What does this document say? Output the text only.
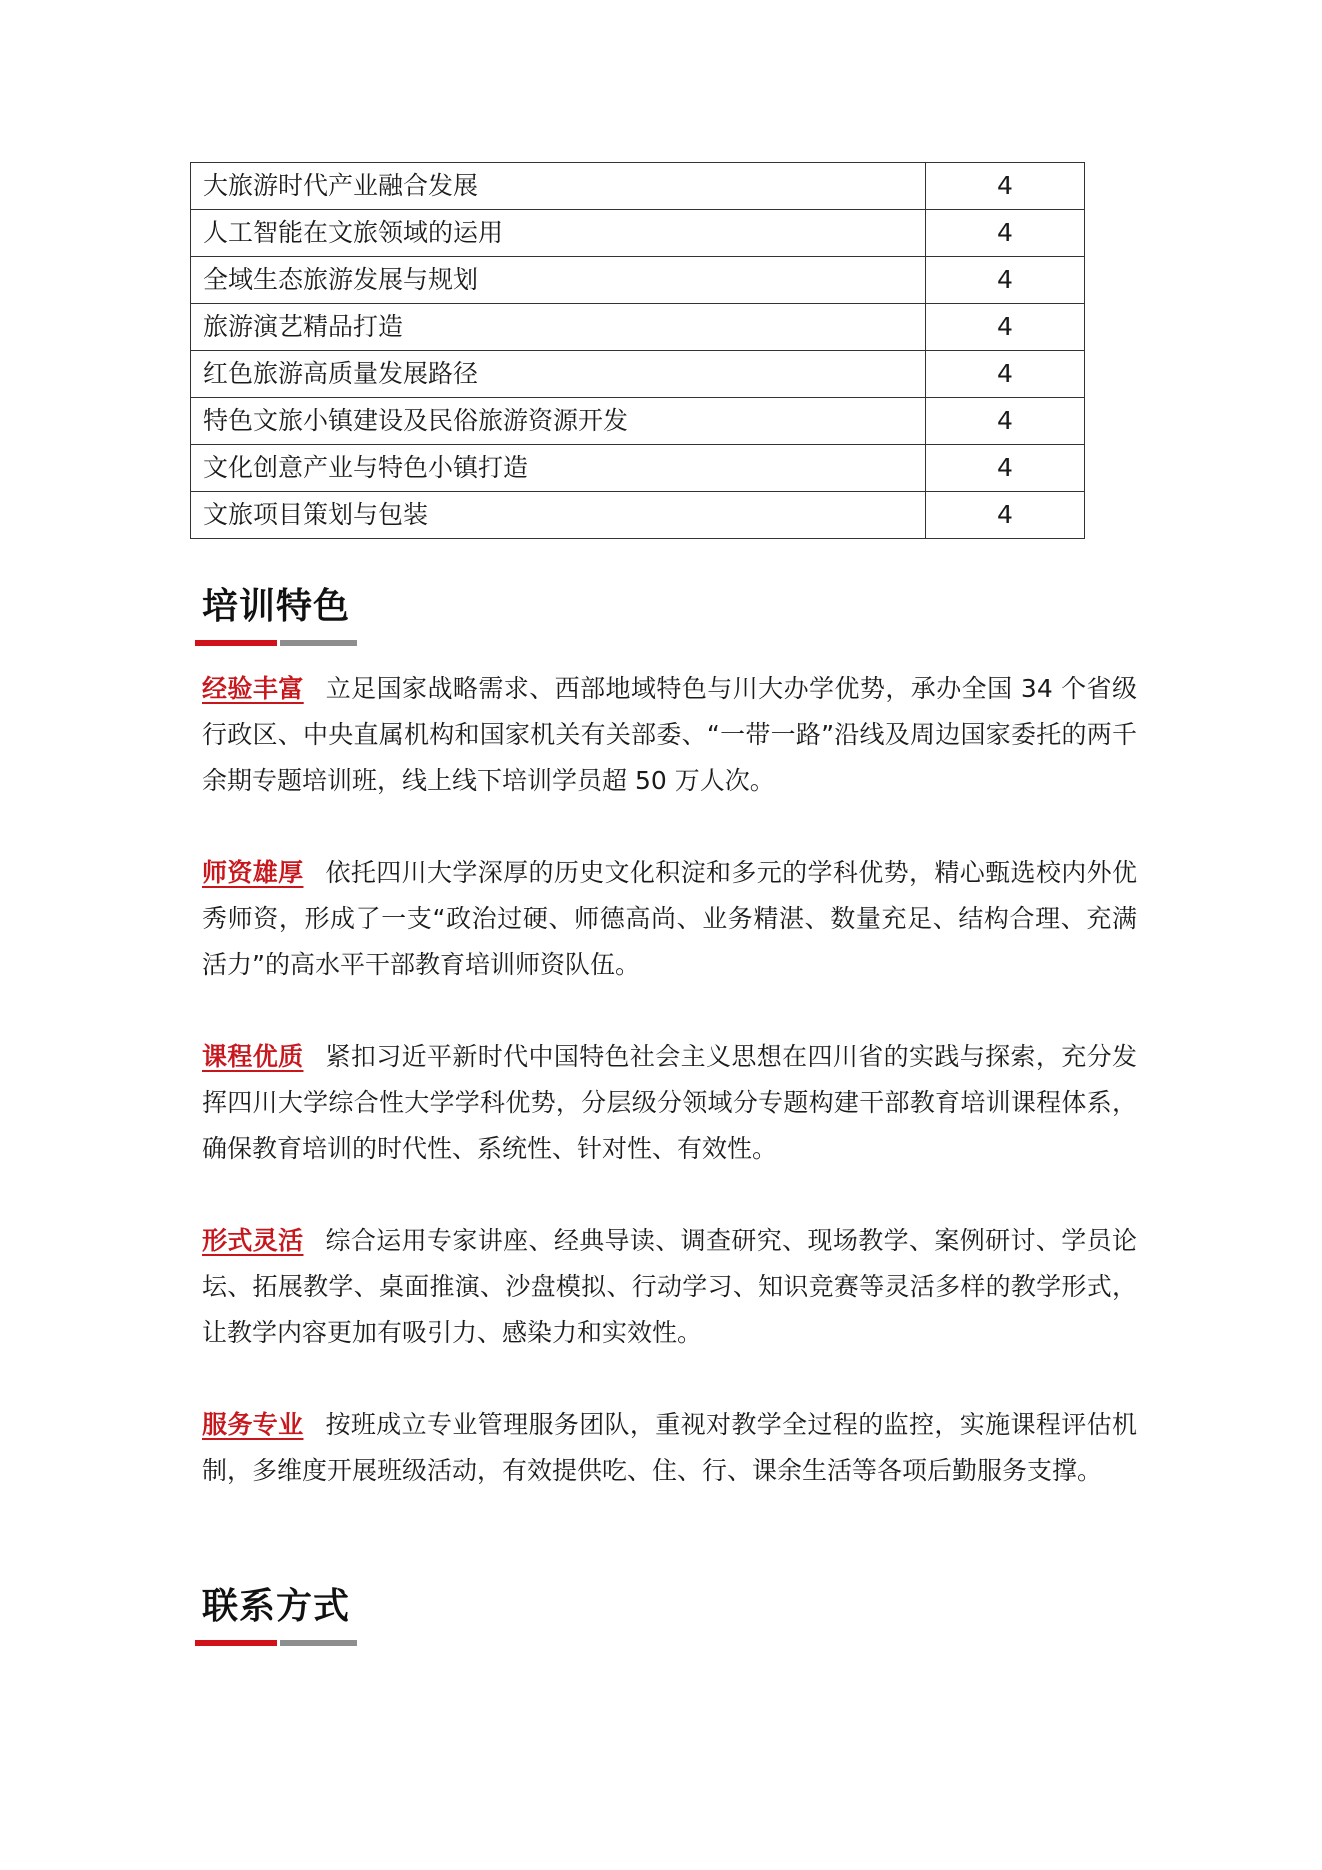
大旅游时代产业融合发展	4
人工智能在文旅领域的运用	4
全域生态旅游发展与规划	4
旅游演艺精品打造	4
红色旅游高质量发展路径	4
特色文旅小镇建设及民俗旅游资源开发	4
文化创意产业与特色小镇打造	4
文旅项目策划与包装	4
培训特色

经验丰富 立足国家战略需求、西部地域特色与川大办学优势，承办全国 34 个省级行政区、中央直属机构和国家机关有关部委、“一带一路”沿线及周边国家委托的两千余期专题培训班，线上线下培训学员超 50 万人次。

师资雄厚 依托四川大学深厚的历史文化积淀和多元的学科优势，精心甄选校内外优秀师资，形成了一支“政治过硬、师德高尚、业务精湛、数量充足、结构合理、充满活力”的高水平干部教育培训师资队伍。

课程优质 紧扣习近平新时代中国特色社会主义思想在四川省的实践与探索，充分发挥四川大学综合性大学学科优势，分层级分领域分专题构建干部教育培训课程体系，确保教育培训的时代性、系统性、针对性、有效性。

形式灵活 综合运用专家讲座、经典导读、调查研究、现场教学、案例研讨、学员论坛、拓展教学、桌面推演、沙盘模拟、行动学习、知识竞赛等灵活多样的教学形式，让教学内容更加有吸引力、感染力和实效性。

服务专业 按班成立专业管理服务团队，重视对教学全过程的监控，实施课程评估机制，多维度开展班级活动，有效提供吃、住、行、课余生活等各项后勤服务支撑。

联系方式
